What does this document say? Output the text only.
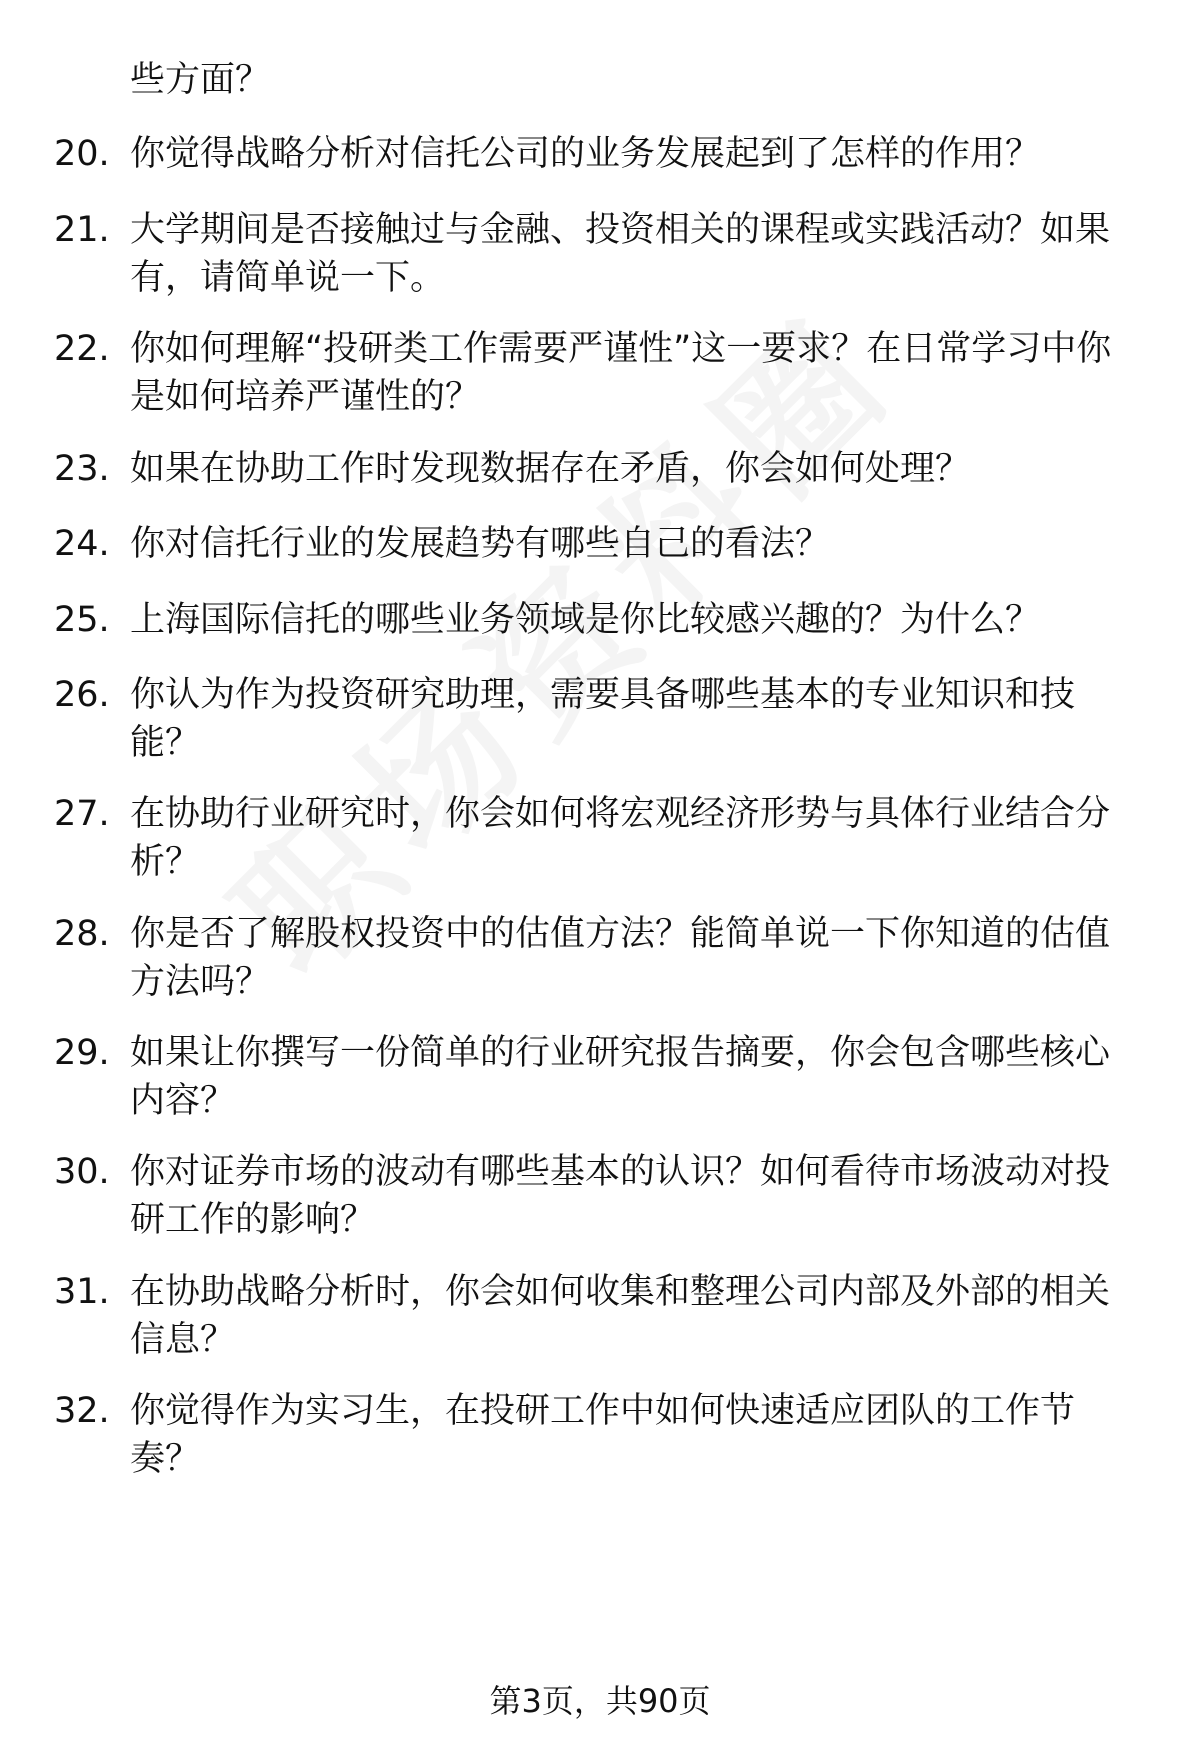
些方面？
20. 你觉得战略分析对信托公司的业务发展起到了怎样的作用？
21. 大学期间是否接触过与金融、投资相关的课程或实践活动？如果有，请简单说一下。
22. 你如何理解“投研类工作需要严谨性”这一要求？在日常学习中你是如何培养严谨性的？
23. 如果在协助工作时发现数据存在矛盾，你会如何处理？
24. 你对信托行业的发展趋势有哪些自己的看法？
25. 上海国际信托的哪些业务领域是你比较感兴趣的？为什么？
26. 你认为作为投资研究助理，需要具备哪些基本的专业知识和技能？
27. 在协助行业研究时，你会如何将宏观经济形势与具体行业结合分析？
28. 你是否了解股权投资中的估值方法？能简单说一下你知道的估值方法吗？
29. 如果让你撰写一份简单的行业研究报告摘要，你会包含哪些核心内容？
30. 你对证券市场的波动有哪些基本的认识？如何看待市场波动对投研工作的影响？
31. 在协助战略分析时，你会如何收集和整理公司内部及外部的相关信息？
32. 你觉得作为实习生，在投研工作中如何快速适应团队的工作节奏？
第3页，共90页
